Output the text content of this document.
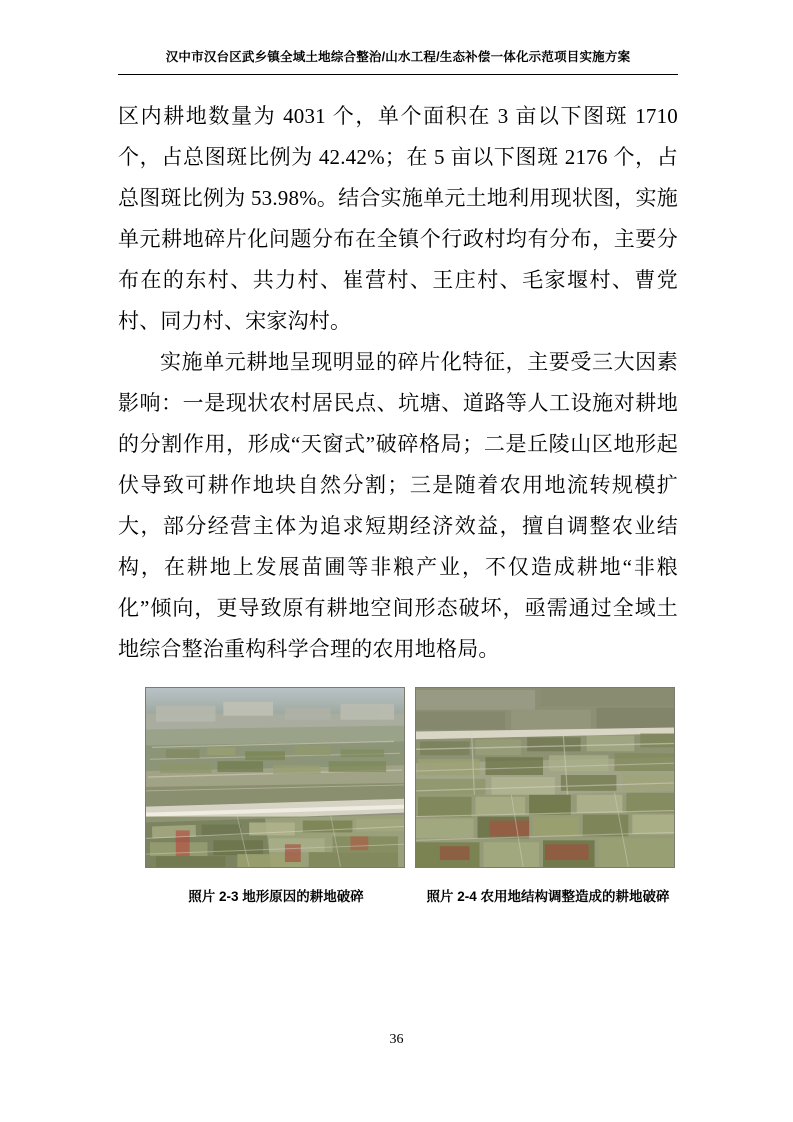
汉中市汉台区武乡镇全域土地综合整治/山水工程/生态补偿一体化示范项目实施方案

区内耕地数量为 4031 个，单个面积在 3 亩以下图斑 1710 个，占总图斑比例为 42.42%；在 5 亩以下图斑 2176 个，占总图斑比例为 53.98%。结合实施单元土地利用现状图，实施单元耕地碎片化问题分布在全镇个行政村均有分布，主要分布在的东村、共力村、崔营村、王庄村、毛家堰村、曹党村、同力村、宋家沟村。

实施单元耕地呈现明显的碎片化特征，主要受三大因素影响：一是现状农村居民点、坑塘、道路等人工设施对耕地的分割作用，形成“天窗式”破碎格局；二是丘陵山区地形起伏导致可耕作地块自然分割；三是随着农用地流转规模扩大，部分经营主体为追求短期经济效益，擅自调整农业结构，在耕地上发展苗圃等非粮产业，不仅造成耕地“非粮化”倾向，更导致原有耕地空间形态破坏，亟需通过全域土地综合整治重构科学合理的农用地格局。

照片 2-3 地形原因的耕地破碎	照片 2-4 农用地结构调整造成的耕地破碎
36
